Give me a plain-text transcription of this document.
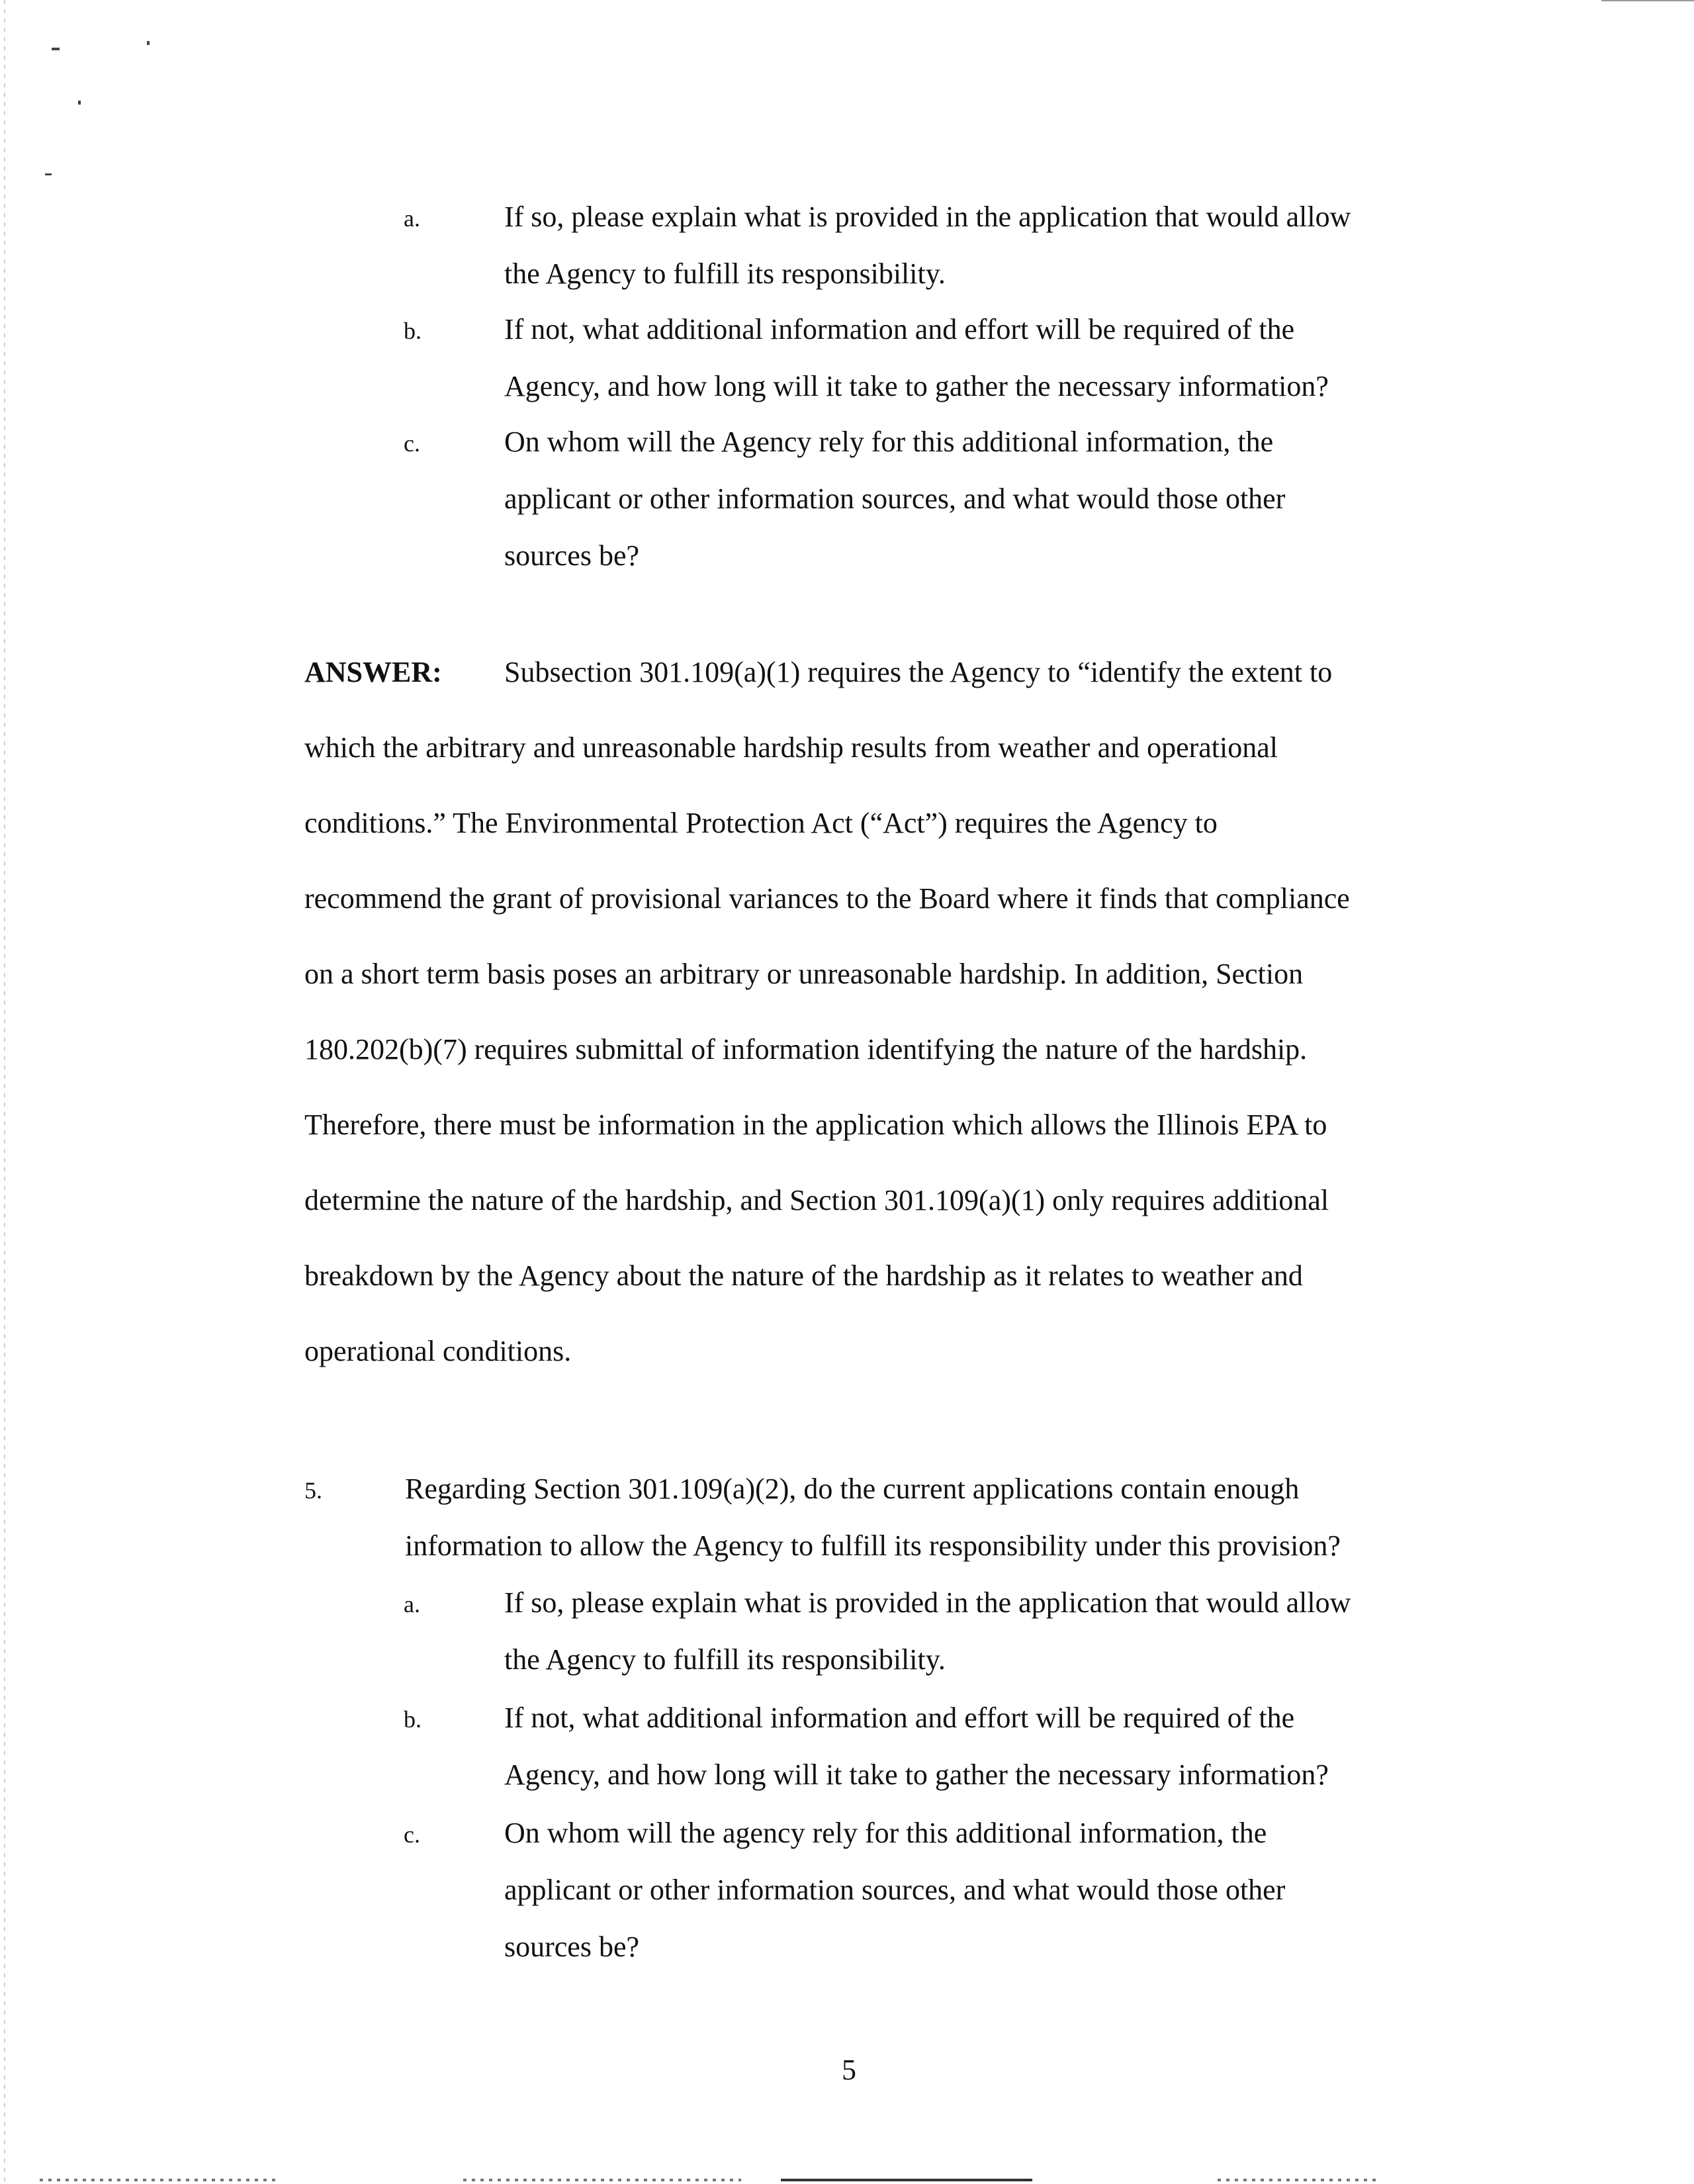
a.	If so, please explain what is provided in the application that would allow
the Agency to fulfill its responsibility.
b.	If not, what additional information and effort will be required of the
Agency, and how long will it take to gather the necessary information?
c.	On whom will the Agency rely for this additional information, the
applicant or other information sources, and what would those other
sources be?
ANSWER: Subsection 301.109(a)(1) requires the Agency to “identify the extent to
which the arbitrary and unreasonable hardship results from weather and operational
conditions.” The Environmental Protection Act (“Act”) requires the Agency to
recommend the grant of provisional variances to the Board where it finds that compliance
on a short term basis poses an arbitrary or unreasonable hardship. In addition, Section
180.202(b)(7) requires submittal of information identifying the nature of the hardship.
Therefore, there must be information in the application which allows the Illinois EPA to
determine the nature of the hardship, and Section 301.109(a)(1) only requires additional
breakdown by the Agency about the nature of the hardship as it relates to weather and
operational conditions.
5.	Regarding Section 301.109(a)(2), do the current applications contain enough
information to allow the Agency to fulfill its responsibility under this provision?
a.	If so, please explain what is provided in the application that would allow
the Agency to fulfill its responsibility.
b.	If not, what additional information and effort will be required of the
Agency, and how long will it take to gather the necessary information?
c.	On whom will the agency rely for this additional information, the
applicant or other information sources, and what would those other
sources be?
5
